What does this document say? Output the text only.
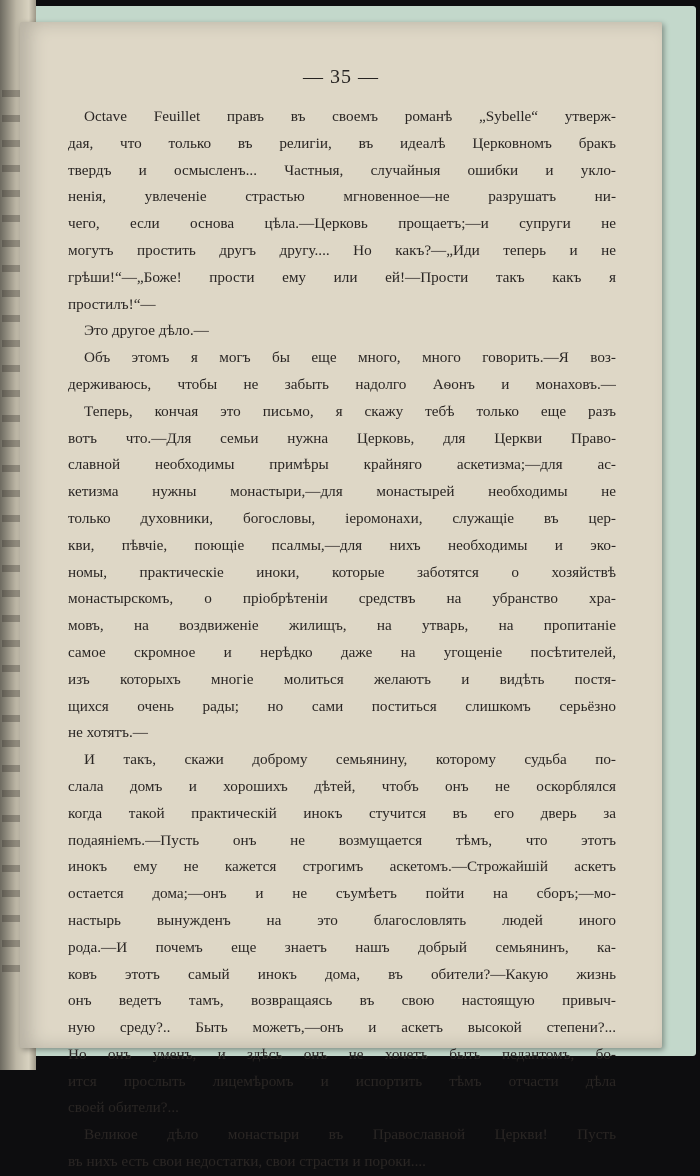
— 35 —
Octave Feuillet правъ въ своемъ романѣ „Sybelle“ утверж-
дая, что только въ религіи, въ идеалѣ Церковномъ бракъ
твердъ и осмысленъ... Частныя, случайныя ошибки и укло-
ненія, увлеченіе страстью мгновенное—не разрушатъ ни-
чего, если основа цѣла.—Церковь прощаетъ;—и супруги не
могутъ простить другъ другу.... Но какъ?—„Иди теперь и не
грѣши!“—„Боже! прости ему или ей!—Прости такъ какъ я
простилъ!“—
Это другое дѣло.—
Объ этомъ я могъ бы еще много, много говорить.—Я воз-
держиваюсь, чтобы не забыть надолго Аѳонъ и монаховъ.—
Теперь, кончая это письмо, я скажу тебѣ только еще разъ
вотъ что.—Для семьи нужна Церковь, для Церкви Право-
славной необходимы примѣры крайняго аскетизма;—для ас-
кетизма нужны монастыри,—для монастырей необходимы не
только духовники, богословы, іеромонахи, служащіе въ цер-
кви, пѣвчіе, поющіе псалмы,—для нихъ необходимы и эко-
номы, практическіе иноки, которые заботятся о хозяйствѣ
монастырскомъ, о пріобрѣтеніи средствъ на убранство хра-
мовъ, на воздвиженіе жилищъ, на утварь, на пропитаніе
самое скромное и нерѣдко даже на угощеніе посѣтителей,
изъ которыхъ многіе молиться желаютъ и видѣть постя-
щихся очень рады; но сами поститься слишкомъ серьёзно
не хотятъ.—
И такъ, скажи доброму семьянину, которому судьба по-
слала домъ и хорошихъ дѣтей, чтобъ онъ не оскорблялся
когда такой практическій инокъ стучится въ его дверь за
подаяніемъ.—Пусть онъ не возмущается тѣмъ, что этотъ
инокъ ему не кажется строгимъ аскетомъ.—Строжайшій аскетъ
остается дома;—онъ и не съумѣетъ пойти на сборъ;—мо-
настырь вынужденъ на это благословлять людей иного
рода.—И почемъ еще знаетъ нашъ добрый семьянинъ, ка-
ковъ этотъ самый инокъ дома, въ обители?—Какую жизнь
онъ ведетъ тамъ, возвращаясь въ свою настоящую привыч-
ную среду?.. Быть можетъ,—онъ и аскетъ высокой степени?...
Но онъ уменъ, и здѣсь онъ не хочетъ быть педантомъ, бо-
ится прослыть лицемѣромъ и испортить тѣмъ отчасти дѣла
своей обители?...
Великое дѣло монастыри въ Православной Церкви! Пусть
въ нихъ есть свои недостатки, свои страсти и пороки....
